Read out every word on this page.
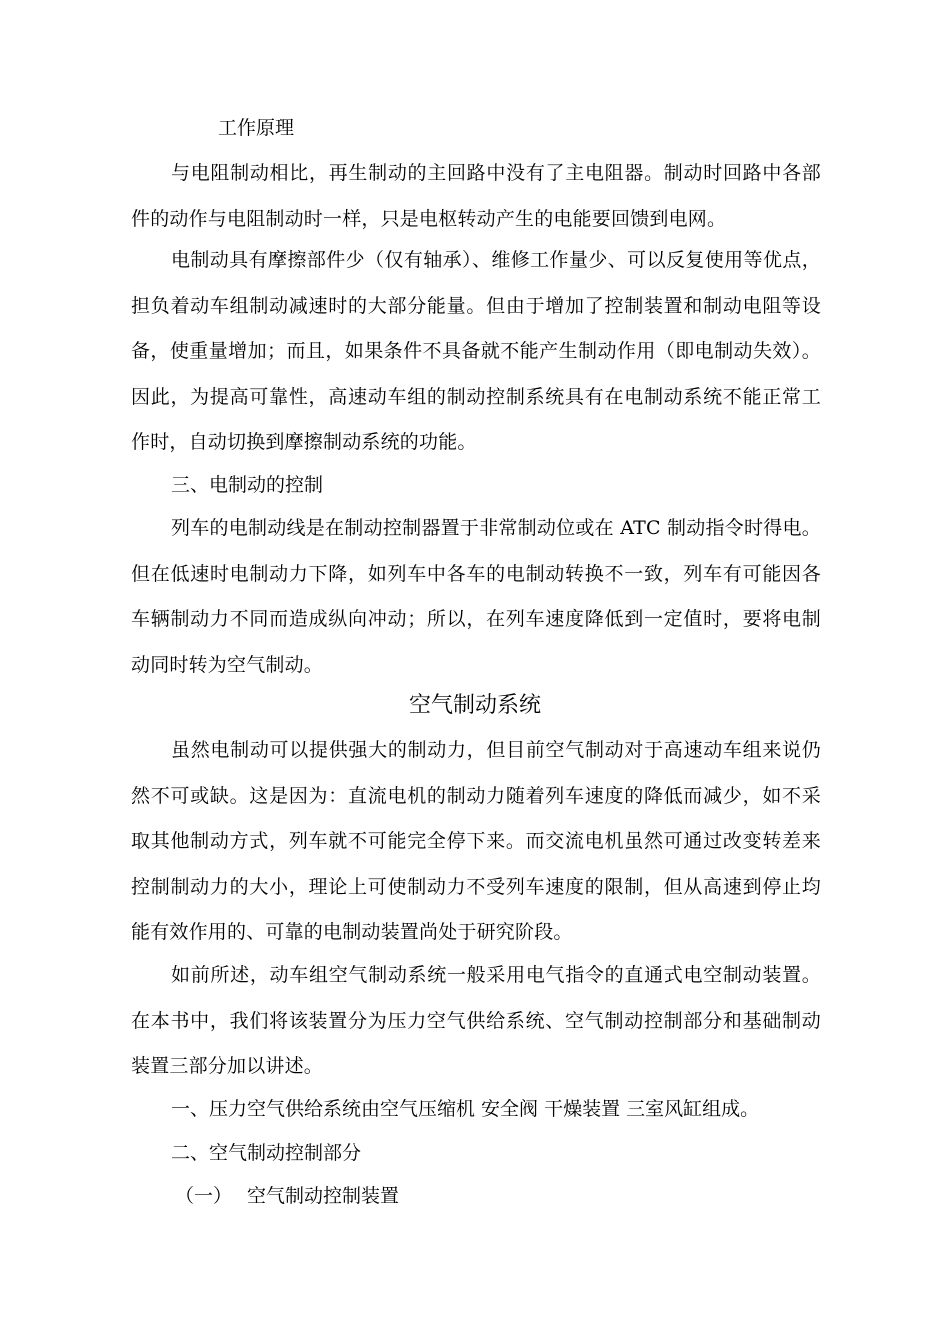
工作原理

与电阻制动相比，再生制动的主回路中没有了主电阻器。制动时回路中各部件的动作与电阻制动时一样，只是电枢转动产生的电能要回馈到电网。

电制动具有摩擦部件少（仅有轴承）、维修工作量少、可以反复使用等优点，担负着动车组制动减速时的大部分能量。但由于增加了控制装置和制动电阻等设备，使重量增加；而且，如果条件不具备就不能产生制动作用（即电制动失效）。因此，为提高可靠性，高速动车组的制动控制系统具有在电制动系统不能正常工作时，自动切换到摩擦制动系统的功能。

三、电制动的控制

列车的电制动线是在制动控制器置于非常制动位或在 ATC 制动指令时得电。但在低速时电制动力下降，如列车中各车的电制动转换不一致，列车有可能因各车辆制动力不同而造成纵向冲动；所以，在列车速度降低到一定值时，要将电制动同时转为空气制动。

空气制动系统

虽然电制动可以提供强大的制动力，但目前空气制动对于高速动车组来说仍然不可或缺。这是因为：直流电机的制动力随着列车速度的降低而减少，如不采取其他制动方式，列车就不可能完全停下来。而交流电机虽然可通过改变转差来控制制动力的大小，理论上可使制动力不受列车速度的限制，但从高速到停止均能有效作用的、可靠的电制动装置尚处于研究阶段。

如前所述，动车组空气制动系统一般采用电气指令的直通式电空制动装置。在本书中，我们将该装置分为压力空气供给系统、空气制动控制部分和基础制动装置三部分加以讲述。

一、压力空气供给系统由空气压缩机 安全阀 干燥装置 三室风缸组成。

二、空气制动控制部分

（一） 空气制动控制装置
